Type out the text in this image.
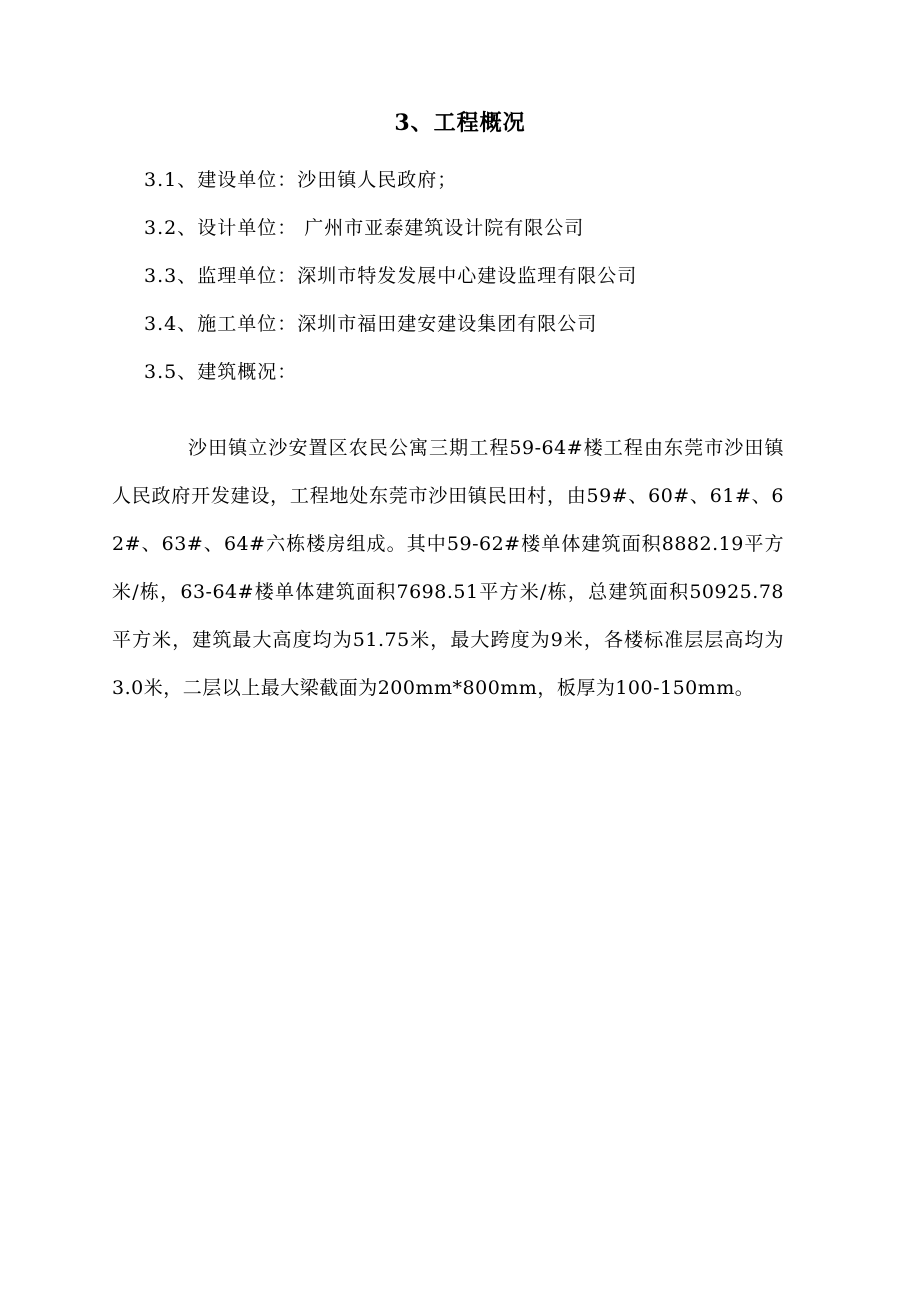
3、工程概况
3.1、建设单位：沙田镇人民政府；
3.2、设计单位： 广州市亚泰建筑设计院有限公司
3.3、监理单位：深圳市特发发展中心建设监理有限公司
3.4、施工单位：深圳市福田建安建设集团有限公司
3.5、建筑概况：

沙田镇立沙安置区农民公寓三期工程59-64#楼工程由东莞市沙田镇人民政府开发建设，工程地处东莞市沙田镇民田村，由59#、60#、61#、62#、63#、64#六栋楼房组成。其中59-62#楼单体建筑面积8882.19平方米/栋，63-64#楼单体建筑面积7698.51平方米/栋，总建筑面积50925.78平方米，建筑最大高度均为51.75米，最大跨度为9米，各楼标准层层高均为3.0米，二层以上最大梁截面为200mm*800mm，板厚为100-150mm。
